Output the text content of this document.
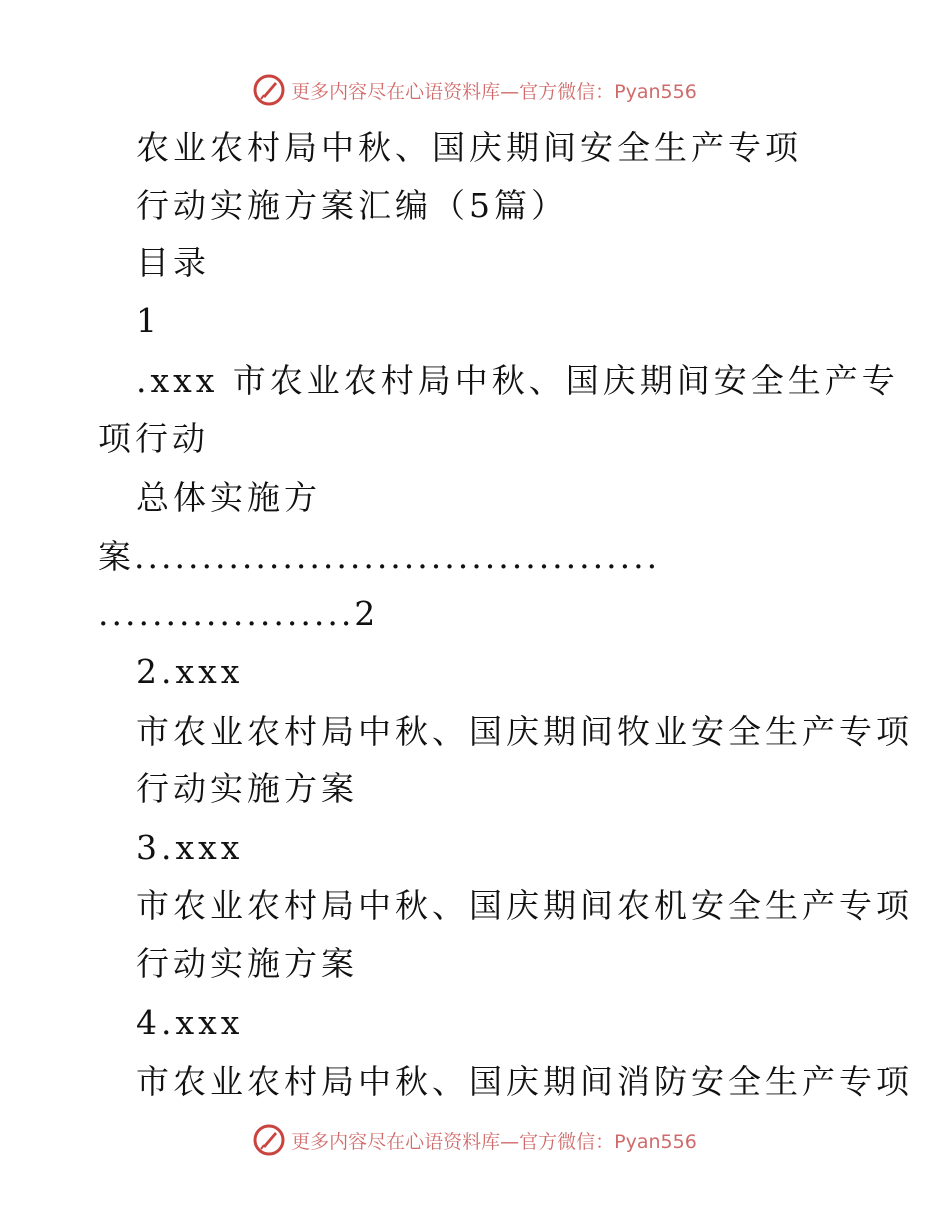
更多内容尽在心语资料库—官方微信：Pyan556
农业农村局中秋、国庆期间安全生产专项
行动实施方案汇编（5篇）
目录
1
.xxx 市农业农村局中秋、国庆期间安全生产专
项行动
总体实施方
案.......................................
...................2
2.xxx
市农业农村局中秋、国庆期间牧业安全生产专项
行动实施方案
3.xxx
市农业农村局中秋、国庆期间农机安全生产专项
行动实施方案
4.xxx
市农业农村局中秋、国庆期间消防安全生产专项
更多内容尽在心语资料库—官方微信：Pyan556
